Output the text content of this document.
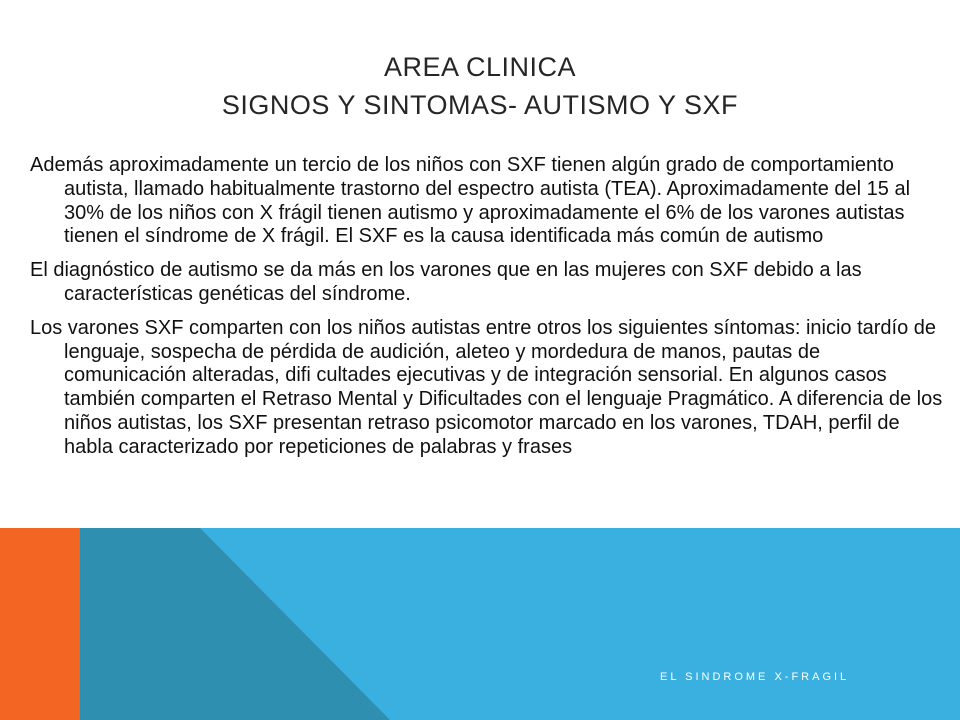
AREA CLINICA
SIGNOS Y SINTOMAS- AUTISMO Y SXF

Además aproximadamente un tercio de los niños con SXF tienen algún grado de comportamiento autista, llamado habitualmente trastorno del espectro autista (TEA). Aproximadamente del 15 al 30% de los niños con X frágil tienen autismo y aproximadamente el 6% de los varones autistas tienen el síndrome de X frágil. El SXF es la causa identificada más común de autismo

El diagnóstico de autismo se da más en los varones que en las mujeres con SXF debido a las características genéticas del síndrome.

Los varones SXF comparten con los niños autistas entre otros los siguientes síntomas: inicio tardío de lenguaje, sospecha de pérdida de audición, aleteo y mordedura de manos, pautas de comunicación alteradas, difi cultades ejecutivas y de integración sensorial. En algunos casos también comparten el Retraso Mental y Dificultades con el lenguaje Pragmático. A diferencia de los niños autistas, los SXF presentan retraso psicomotor marcado en los varones, TDAH, perfil de habla caracterizado por repeticiones de palabras y frases

EL SINDROME X-FRAGIL
